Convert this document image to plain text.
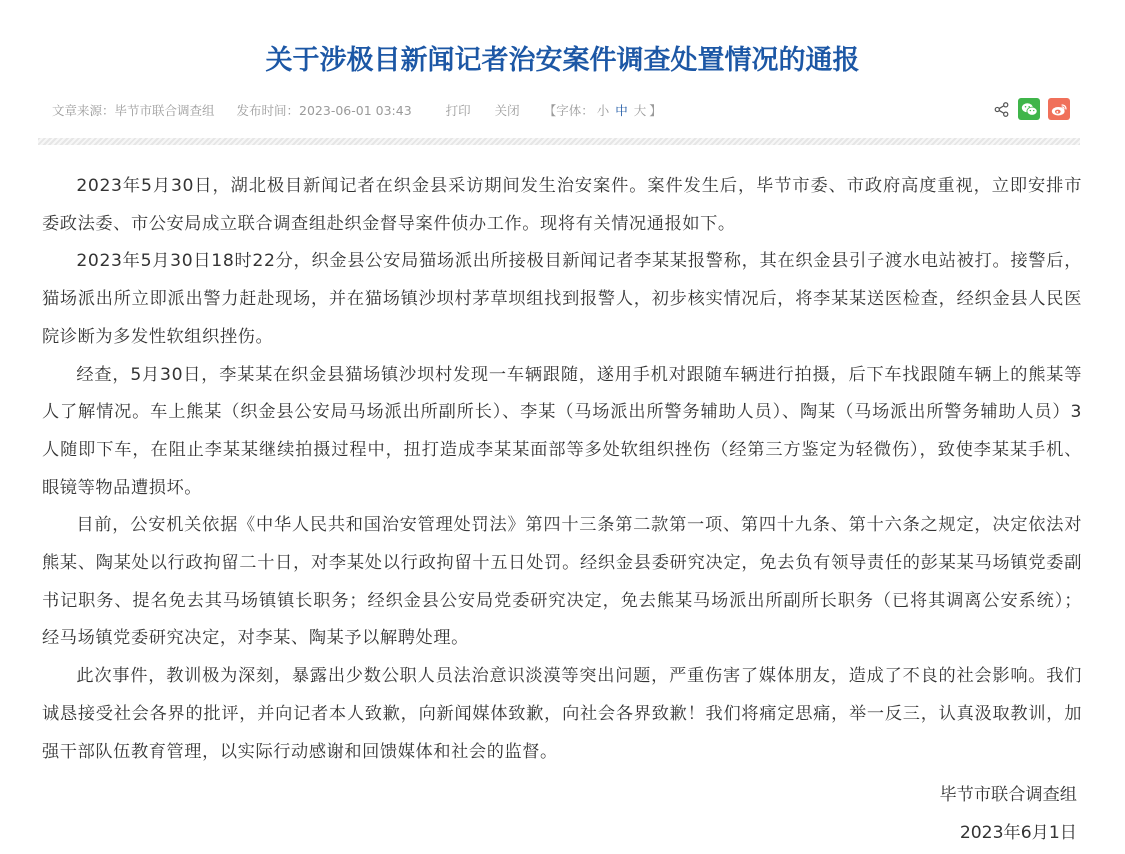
关于涉极目新闻记者治安案件调查处置情况的通报
文章来源：毕节市联合调查组 发布时间：2023-06-01 03:43	打印 关闭 【字体： 小 中 大 】

2023年5月30日，湖北极目新闻记者在织金县采访期间发生治安案件。案件发生后，毕节市委、市政府高度重视，立即安排市委政法委、市公安局成立联合调查组赴织金督导案件侦办工作。现将有关情况通报如下。

2023年5月30日18时22分，织金县公安局猫场派出所接极目新闻记者李某某报警称，其在织金县引子渡水电站被打。接警后，猫场派出所立即派出警力赶赴现场，并在猫场镇沙坝村茅草坝组找到报警人，初步核实情况后，将李某某送医检查，经织金县人民医院诊断为多发性软组织挫伤。

经查，5月30日，李某某在织金县猫场镇沙坝村发现一车辆跟随，遂用手机对跟随车辆进行拍摄，后下车找跟随车辆上的熊某等人了解情况。车上熊某（织金县公安局马场派出所副所长）、李某（马场派出所警务辅助人员）、陶某（马场派出所警务辅助人员）3人随即下车，在阻止李某某继续拍摄过程中，扭打造成李某某面部等多处软组织挫伤（经第三方鉴定为轻微伤），致使李某某手机、眼镜等物品遭损坏。

目前，公安机关依据《中华人民共和国治安管理处罚法》第四十三条第二款第一项、第四十九条、第十六条之规定，决定依法对熊某、陶某处以行政拘留二十日，对李某处以行政拘留十五日处罚。经织金县委研究决定，免去负有领导责任的彭某某马场镇党委副书记职务、提名免去其马场镇镇长职务；经织金县公安局党委研究决定，免去熊某马场派出所副所长职务（已将其调离公安系统）；经马场镇党委研究决定，对李某、陶某予以解聘处理。

此次事件，教训极为深刻，暴露出少数公职人员法治意识淡漠等突出问题，严重伤害了媒体朋友，造成了不良的社会影响。我们诚恳接受社会各界的批评，并向记者本人致歉，向新闻媒体致歉，向社会各界致歉！我们将痛定思痛，举一反三，认真汲取教训，加强干部队伍教育管理，以实际行动感谢和回馈媒体和社会的监督。

毕节市联合调查组
2023年6月1日
